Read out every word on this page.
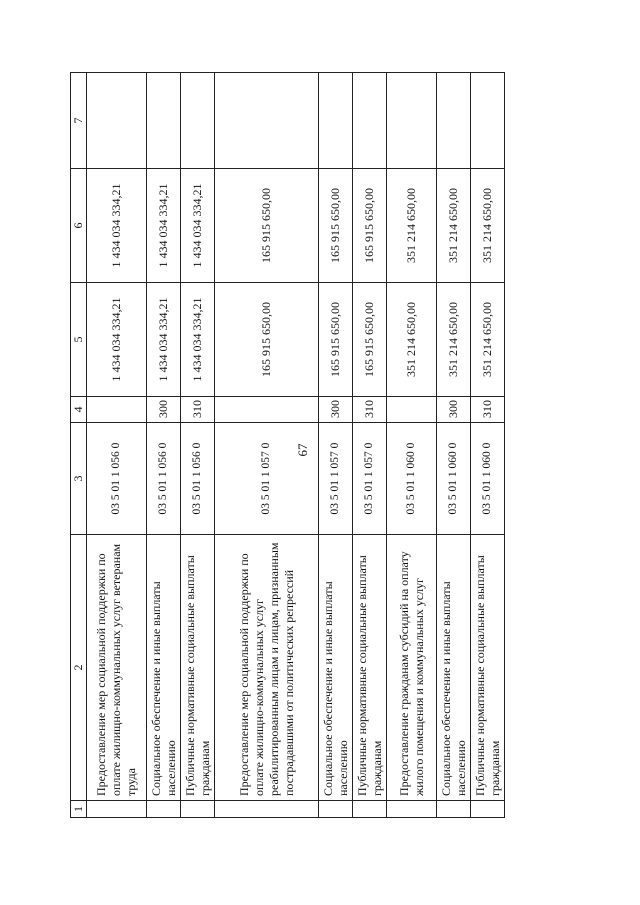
67
1	2	3	4	5	6	7
	Предоставление мер социальной поддержки по оплате жилищно-коммунальных услуг ветеранам труда	03 5 01 1 056 0		1 434 034 334,21	1 434 034 334,21	
	Социальное обеспечение и иные выплаты населению	03 5 01 1 056 0	300	1 434 034 334,21	1 434 034 334,21	
	Публичные нормативные социальные выплаты гражданам	03 5 01 1 056 0	310	1 434 034 334,21	1 434 034 334,21	
	Предоставление мер социальной поддержки по оплате жилищно-коммунальных услуг реабилитированным лицам и лицам, признанным пострадавшими от политических репрессий	03 5 01 1 057 0		165 915 650,00	165 915 650,00	
	Социальное обеспечение и иные выплаты населению	03 5 01 1 057 0	300	165 915 650,00	165 915 650,00	
	Публичные нормативные социальные выплаты гражданам	03 5 01 1 057 0	310	165 915 650,00	165 915 650,00	
	Предоставление гражданам субсидий на оплату жилого помещения и коммунальных услуг	03 5 01 1 060 0		351 214 650,00	351 214 650,00	
	Социальное обеспечение и иные выплаты населению	03 5 01 1 060 0	300	351 214 650,00	351 214 650,00	
	Публичные нормативные социальные выплаты гражданам	03 5 01 1 060 0	310	351 214 650,00	351 214 650,00	
